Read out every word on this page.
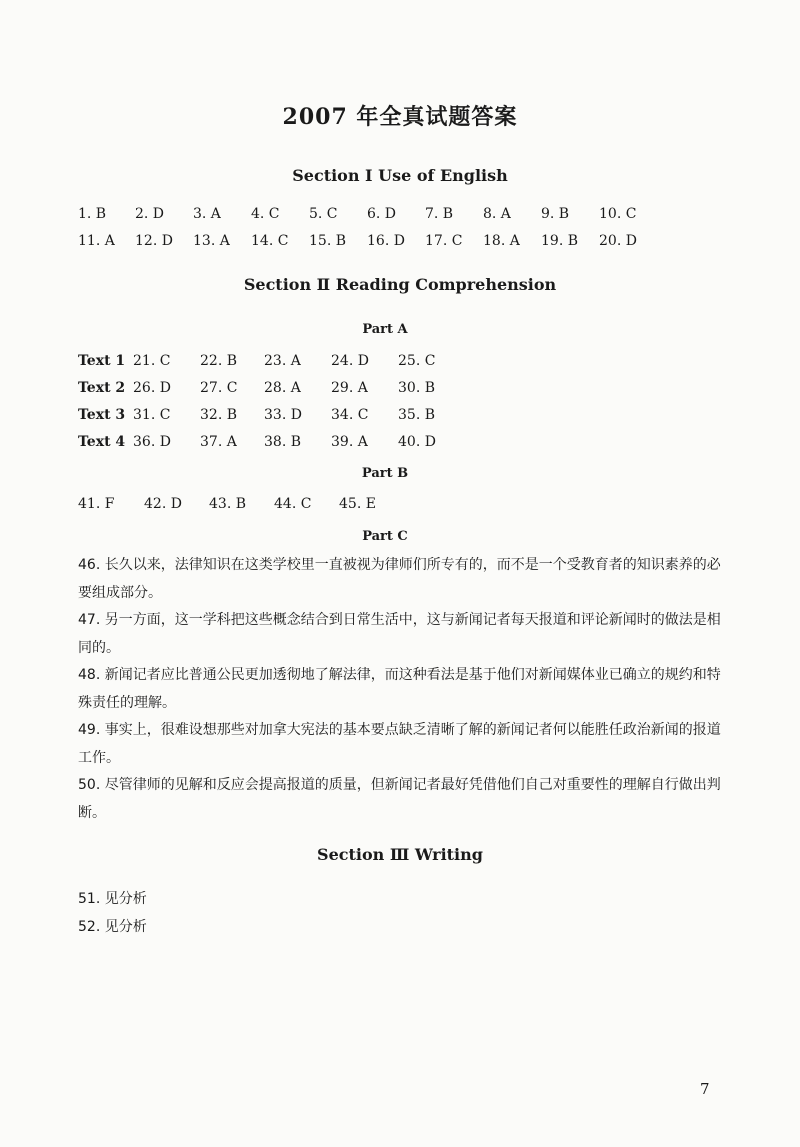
2007 年全真试题答案
Section Ⅰ Use of English
1. B 2. D 3. A 4. C 5. C 6. D 7. B 8. A 9. B 10. C
11. A 12. D 13. A 14. C 15. B 16. D 17. C 18. A 19. B 20. D
Section Ⅱ Reading Comprehension
Part A
Text 1 21. C 22. B 23. A 24. D 25. C
Text 2 26. D 27. C 28. A 29. A 30. B
Text 3 31. C 32. B 33. D 34. C 35. B
Text 4 36. D 37. A 38. B 39. A 40. D
Part B
41. F 42. D 43. B 44. C 45. E
Part C
46. 长久以来，法律知识在这类学校里一直被视为律师们所专有的，而不是一个受教育者的知识素养的必要组成部分。
47. 另一方面，这一学科把这些概念结合到日常生活中，这与新闻记者每天报道和评论新闻时的做法是相同的。
48. 新闻记者应比普通公民更加透彻地了解法律，而这种看法是基于他们对新闻媒体业已确立的规约和特殊责任的理解。
49. 事实上，很难设想那些对加拿大宪法的基本要点缺乏清晰了解的新闻记者何以能胜任政治新闻的报道工作。
50. 尽管律师的见解和反应会提高报道的质量，但新闻记者最好凭借他们自己对重要性的理解自行做出判断。
Section Ⅲ Writing
51. 见分析
52. 见分析
7
